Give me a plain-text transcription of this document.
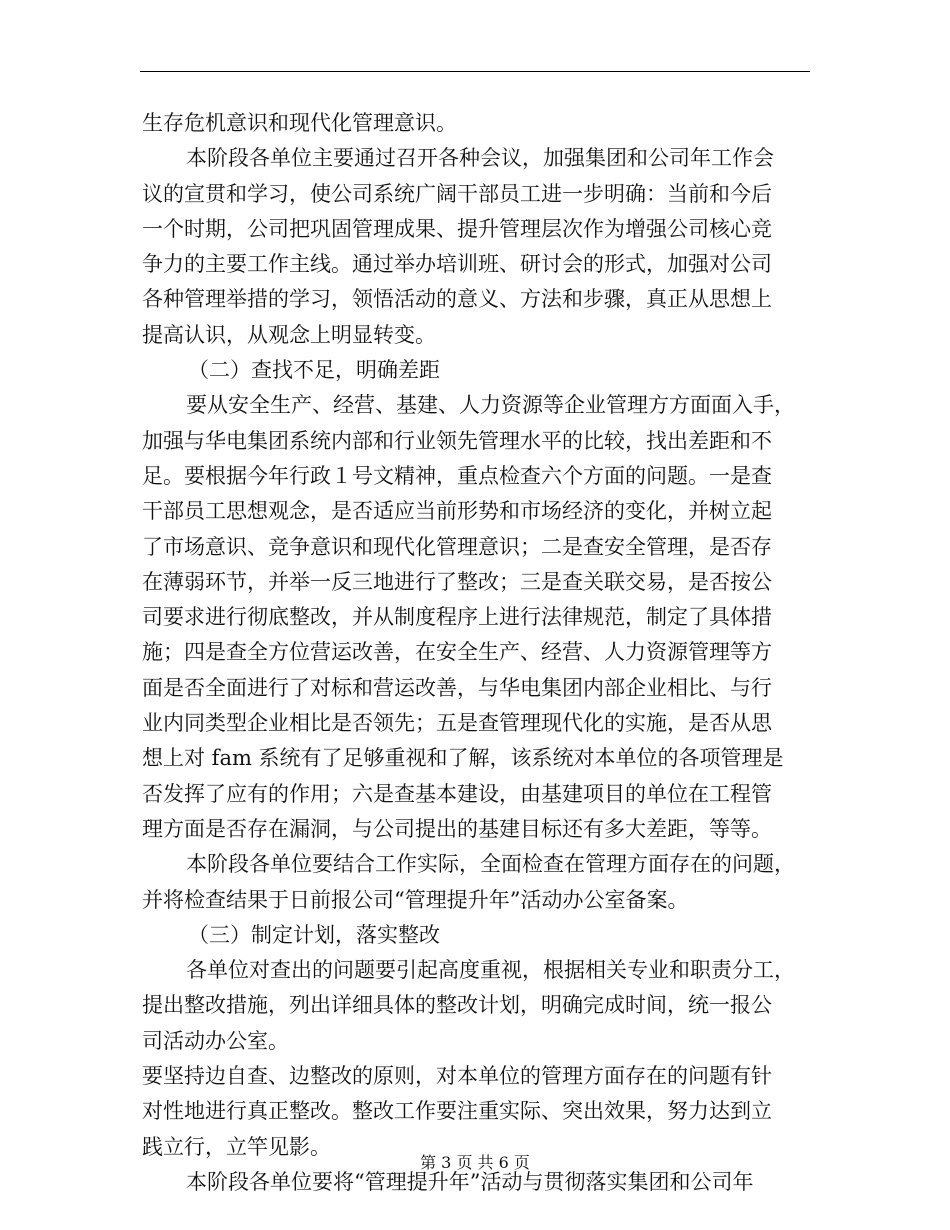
生存危机意识和现代化管理意识。
本阶段各单位主要通过召开各种会议，加强集团和公司年工作会
议的宣贯和学习，使公司系统广阔干部员工进一步明确：当前和今后
一个时期，公司把巩固管理成果、提升管理层次作为增强公司核心竞
争力的主要工作主线。通过举办培训班、研讨会的形式，加强对公司
各种管理举措的学习，领悟活动的意义、方法和步骤，真正从思想上
提高认识，从观念上明显转变。
（二）查找不足，明确差距
要从安全生产、经营、基建、人力资源等企业管理方方面面入手，
加强与华电集团系统内部和行业领先管理水平的比较，找出差距和不
足。要根据今年行政１号文精神，重点检查六个方面的问题。一是查
干部员工思想观念，是否适应当前形势和市场经济的变化，并树立起
了市场意识、竞争意识和现代化管理意识；二是查安全管理，是否存
在薄弱环节，并举一反三地进行了整改；三是查关联交易，是否按公
司要求进行彻底整改，并从制度程序上进行法律规范，制定了具体措
施；四是查全方位营运改善，在安全生产、经营、人力资源管理等方
面是否全面进行了对标和营运改善，与华电集团内部企业相比、与行
业内同类型企业相比是否领先；五是查管理现代化的实施，是否从思
想上对 fam 系统有了足够重视和了解，该系统对本单位的各项管理是
否发挥了应有的作用；六是查基本建设，由基建项目的单位在工程管
理方面是否存在漏洞，与公司提出的基建目标还有多大差距，等等。
本阶段各单位要结合工作实际，全面检查在管理方面存在的问题，
并将检查结果于日前报公司“管理提升年”活动办公室备案。
（三）制定计划，落实整改
各单位对查出的问题要引起高度重视，根据相关专业和职责分工，
提出整改措施，列出详细具体的整改计划，明确完成时间，统一报公
司活动办公室。
要坚持边自查、边整改的原则，对本单位的管理方面存在的问题有针
对性地进行真正整改。整改工作要注重实际、突出效果，努力达到立
践立行，立竿见影。
本阶段各单位要将“管理提升年”活动与贯彻落实集团和公司年
第 3 页 共 6 页
